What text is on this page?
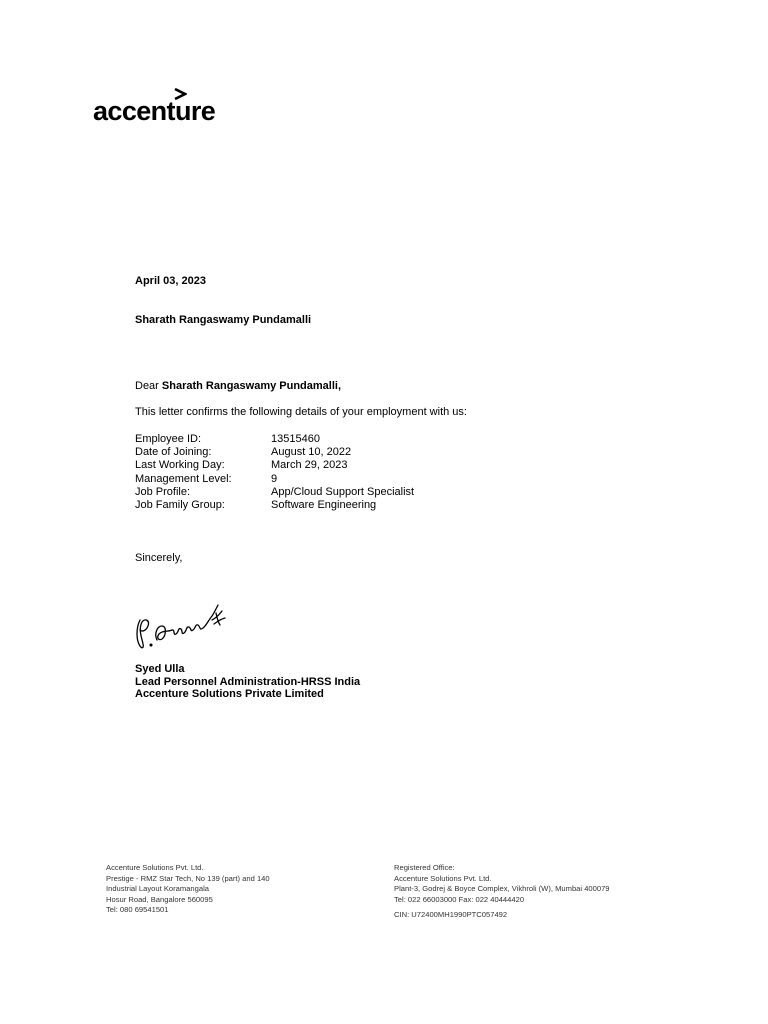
accenture
April 03, 2023
Sharath Rangaswamy Pundamalli
Dear Sharath Rangaswamy Pundamalli,
This letter confirms the following details of your employment with us:
Employee ID:	13515460
Date of Joining:	August 10, 2022
Last Working Day:	March 29, 2023
Management Level:	9
Job Profile:	App/Cloud Support Specialist
Job Family Group:	Software Engineering
Sincerely,
Syed Ulla
Lead Personnel Administration-HRSS India
Accenture Solutions Private Limited
Accenture Solutions Pvt. Ltd.
Prestige - RMZ Star Tech, No 139 (part) and 140
Industrial Layout Koramangala
Hosur Road, Bangalore 560095
Tel: 080 69541501
Registered Office:
Accenture Solutions Pvt. Ltd.
Plant-3, Godrej & Boyce Complex, Vikhroli (W), Mumbai 400079
Tel: 022 66003000 Fax: 022 40444420
CIN: U72400MH1990PTC057492
